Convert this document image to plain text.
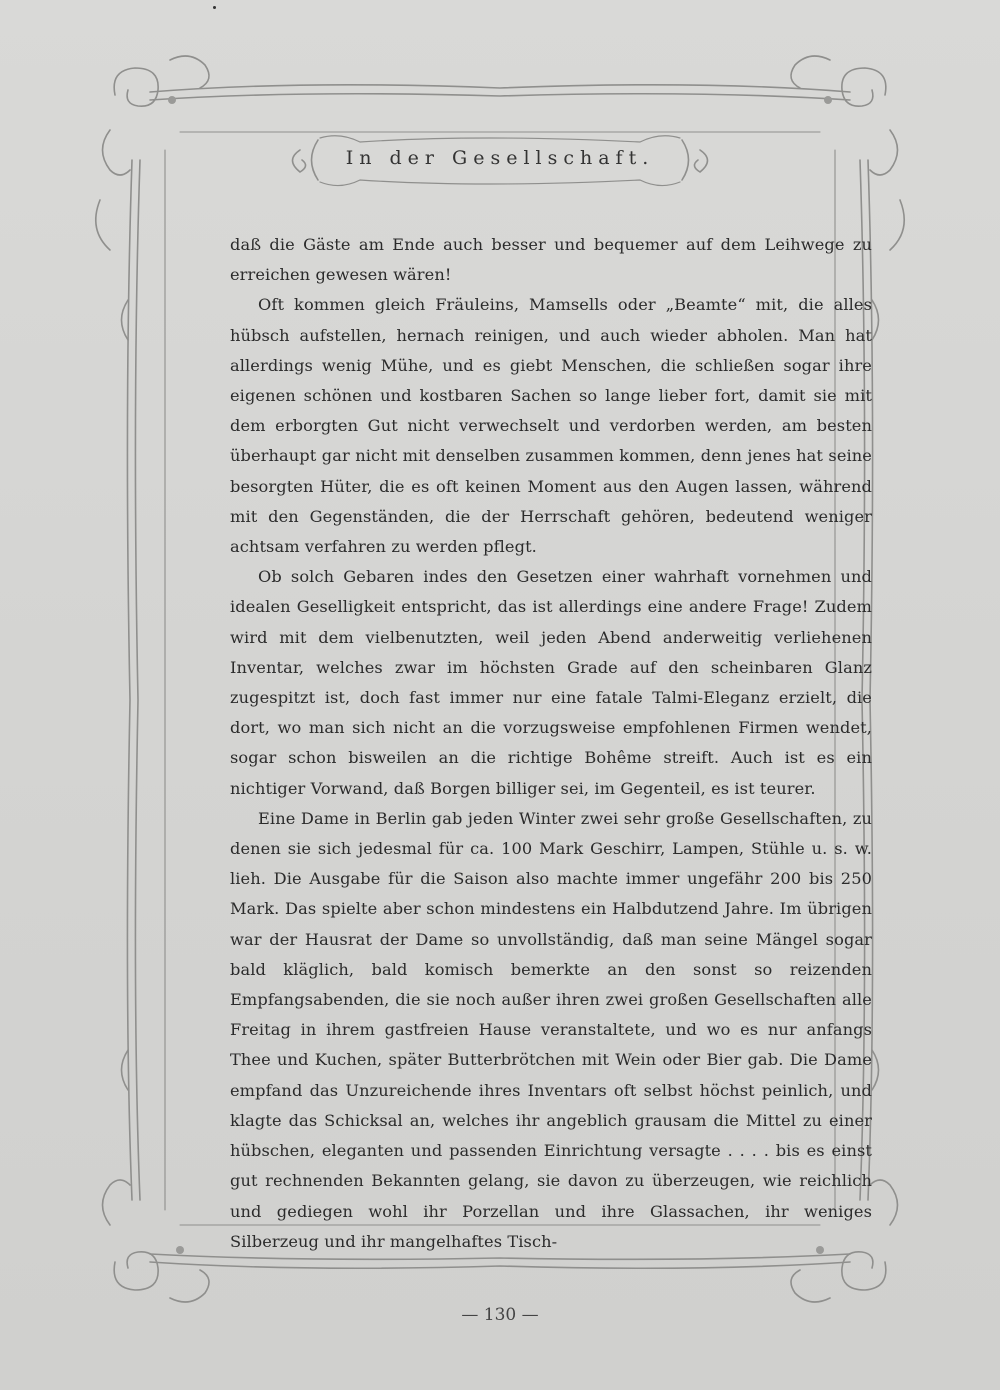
In der Gesellschaft.

daß die Gäste am Ende auch besser und bequemer auf dem Leihwege zu erreichen gewesen wären!

Oft kommen gleich Fräuleins, Mamsells oder „Beamte“ mit, die alles hübsch aufstellen, hernach reinigen, und auch wieder abholen. Man hat allerdings wenig Mühe, und es giebt Menschen, die schließen sogar ihre eigenen schönen und kostbaren Sachen so lange lieber fort, damit sie mit dem erborgten Gut nicht verwechselt und verdorben werden, am besten überhaupt gar nicht mit denselben zusammen kommen, denn jenes hat seine besorgten Hüter, die es oft keinen Moment aus den Augen lassen, während mit den Gegenständen, die der Herrschaft gehören, bedeutend weniger achtsam verfahren zu werden pflegt.

Ob solch Gebaren indes den Gesetzen einer wahrhaft vornehmen und idealen Geselligkeit entspricht, das ist allerdings eine andere Frage! Zudem wird mit dem vielbenutzten, weil jeden Abend anderweitig verliehenen Inventar, welches zwar im höchsten Grade auf den scheinbaren Glanz zugespitzt ist, doch fast immer nur eine fatale Talmi-Eleganz erzielt, die dort, wo man sich nicht an die vorzugsweise empfohlenen Firmen wendet, sogar schon bisweilen an die richtige Bohême streift. Auch ist es ein nichtiger Vorwand, daß Borgen billiger sei, im Gegenteil, es ist teurer.

Eine Dame in Berlin gab jeden Winter zwei sehr große Gesellschaften, zu denen sie sich jedesmal für ca. 100 Mark Geschirr, Lampen, Stühle u. s. w. lieh. Die Ausgabe für die Saison also machte immer ungefähr 200 bis 250 Mark. Das spielte aber schon mindestens ein Halbdutzend Jahre. Im übrigen war der Hausrat der Dame so unvollständig, daß man seine Mängel sogar bald kläglich, bald komisch bemerkte an den sonst so reizenden Empfangsabenden, die sie noch außer ihren zwei großen Gesellschaften alle Freitag in ihrem gastfreien Hause veranstaltete, und wo es nur anfangs Thee und Kuchen, später Butterbrötchen mit Wein oder Bier gab. Die Dame empfand das Unzureichende ihres Inventars oft selbst höchst peinlich, und klagte das Schicksal an, welches ihr angeblich grausam die Mittel zu einer hübschen, eleganten und passenden Einrichtung versagte . . . . bis es einst gut rechnenden Bekannten gelang, sie davon zu überzeugen, wie reichlich und gediegen wohl ihr Porzellan und ihre Glassachen, ihr weniges Silberzeug und ihr mangelhaftes Tisch-

— 130 —
